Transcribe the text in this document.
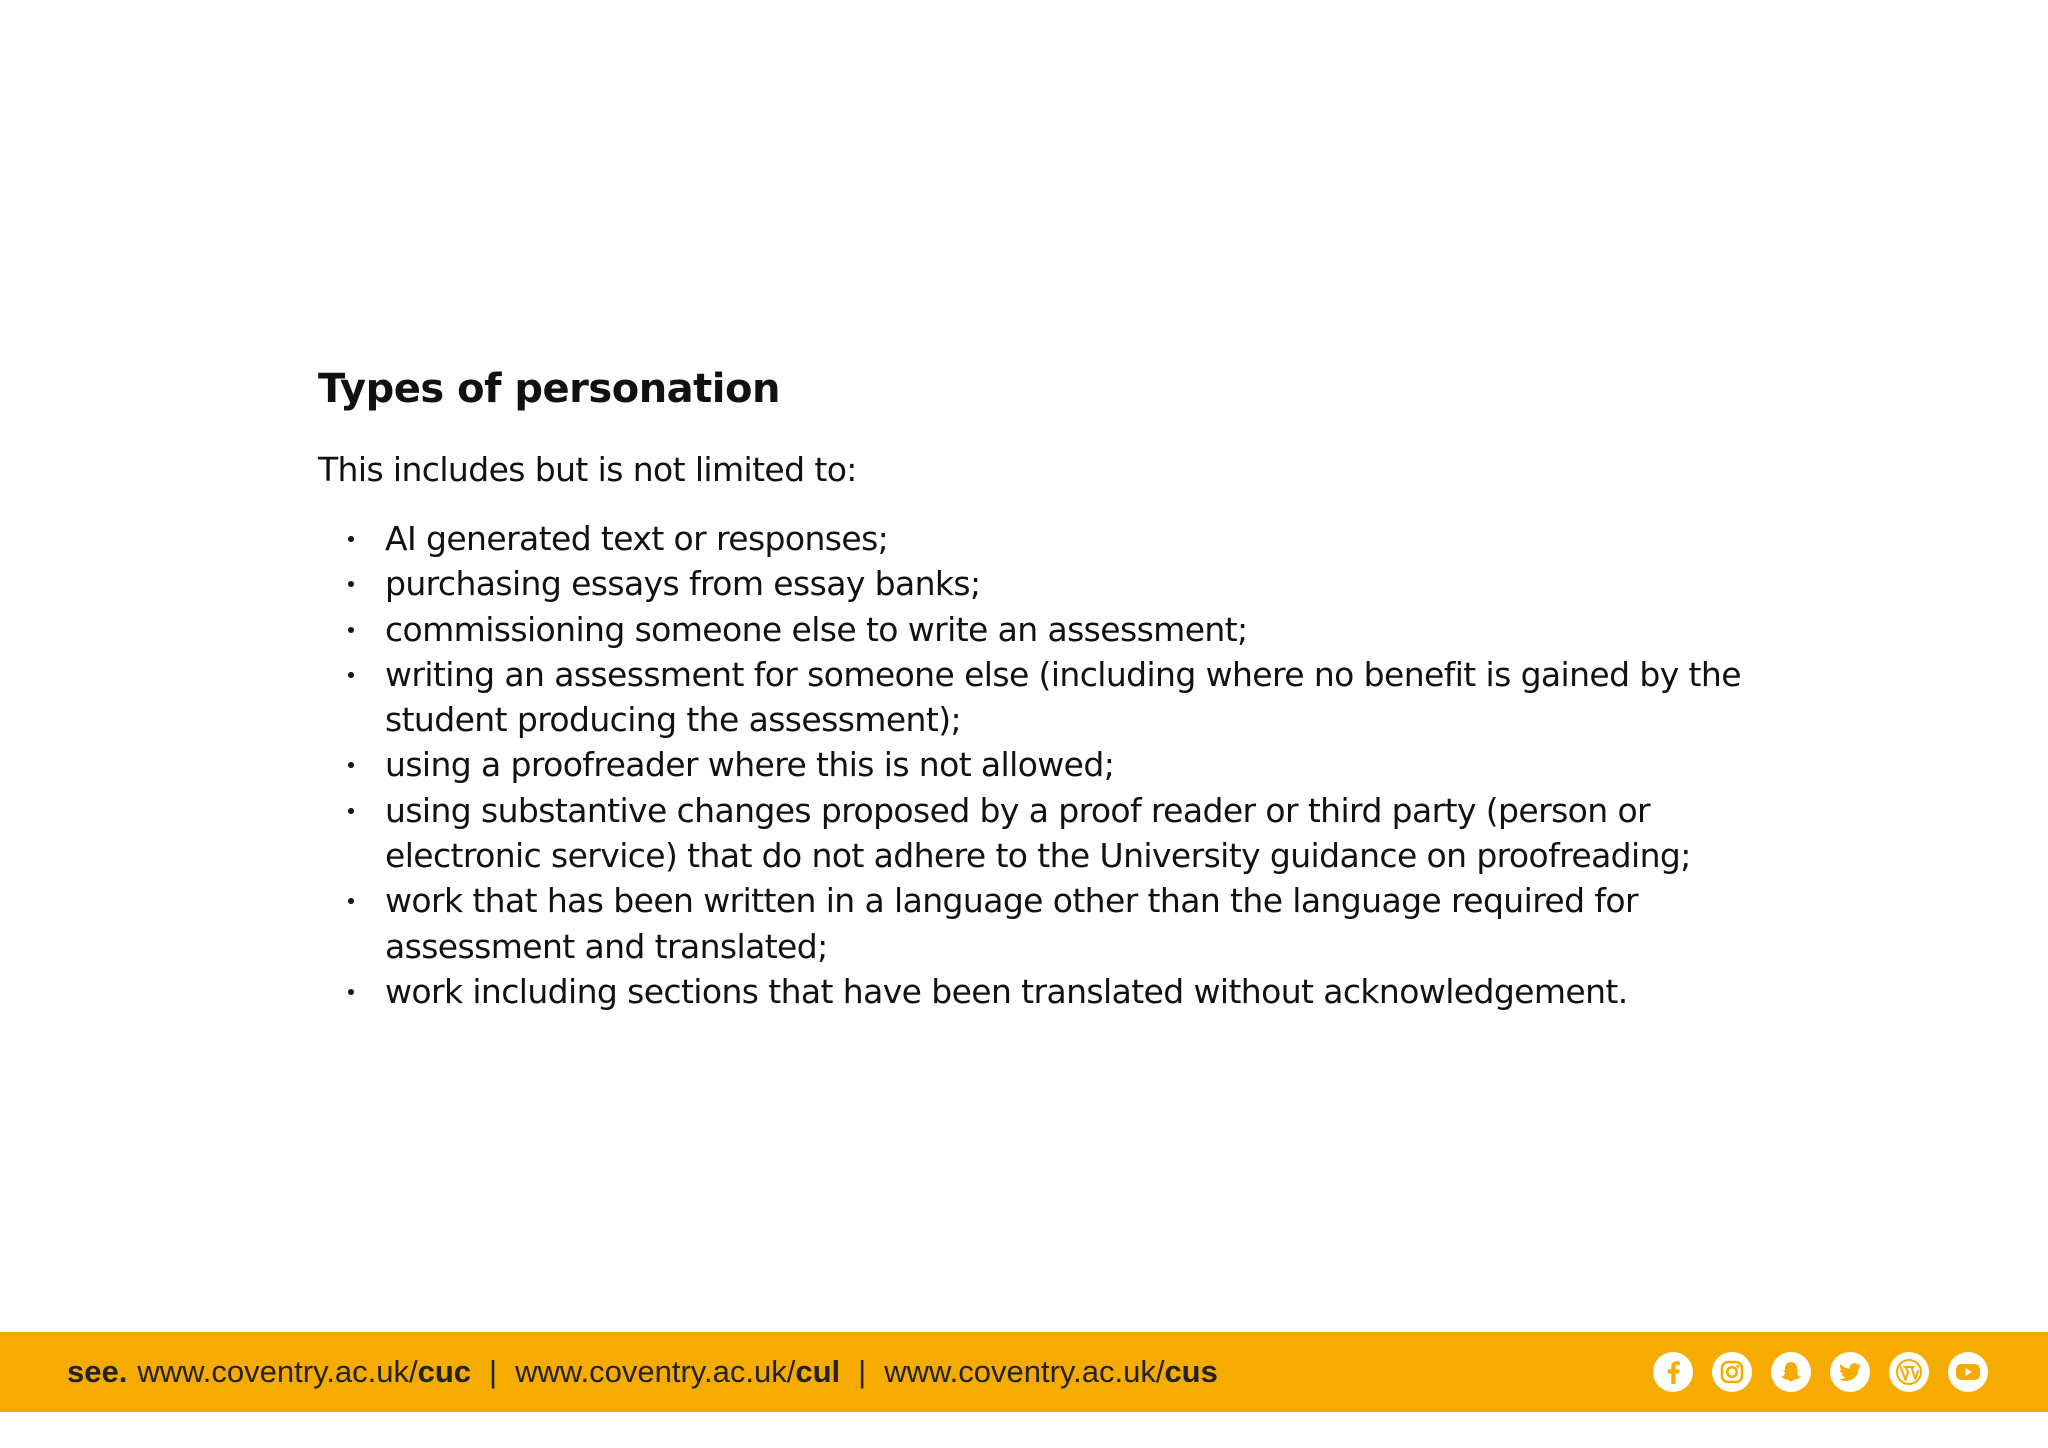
Types of personation

This includes but is not limited to:

AI generated text or responses;
purchasing essays from essay banks;
commissioning someone else to write an assessment;
writing an assessment for someone else (including where no benefit is gained by the student producing the assessment);
using a proofreader where this is not allowed;
using substantive changes proposed by a proof reader or third party (person or electronic service) that do not adhere to the University guidance on proofreading;
work that has been written in a language other than the language required for assessment and translated;
work including sections that have been translated without acknowledgement.
see. www.coventry.ac.uk/cuc | www.coventry.ac.uk/cul | www.coventry.ac.uk/cus
